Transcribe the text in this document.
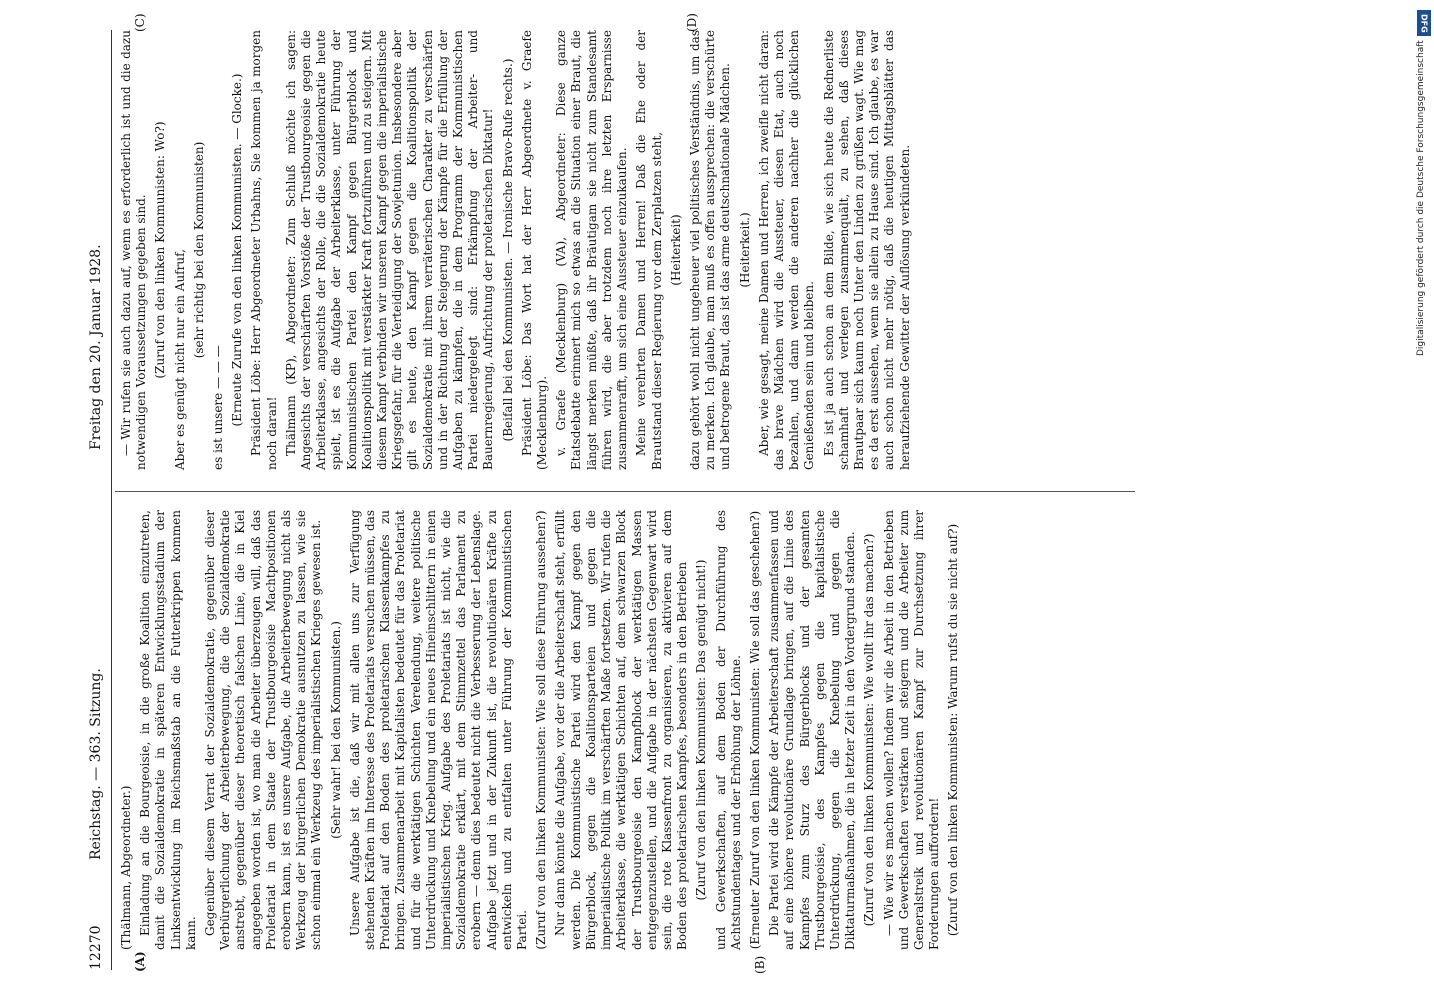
12270
Reichstag. — 363. Sitzung.
Freitag den 20. Januar 1928.
(A)	(B)
(C)	(D)

(Thälmann, Abgeordneter.) Einladung an die Bourgeoisie, in die große Koalition einzutreten, damit die Sozialdemokratie in späteren Entwicklungsstadium der Linksentwicklung im Reichsmaßstab an die Futterkrippen kommen kann. Gegenüber diesem Verrat der Sozialdemokratie, gegenüber dieser Verbürgerlichung der Arbeiterbewegung, die die Sozialdemokratie anstrebt, gegenüber dieser theoretisch falschen Linie, die in Kiel angegeben worden ist, wo man die Arbeiter überzeugen will, daß das Proletariat in dem Staate der Trustbourgeoisie Machtpositionen erobern kann, ist es unsere Aufgabe, die Arbeiterbewegung nicht als Werkzeug der bürgerlichen Demokratie ausnutzen zu lassen, wie sie schon einmal ein Werkzeug des imperialistischen Krieges gewesen ist. (Sehr wahr! bei den Kommunisten.) Unsere Aufgabe ist die, daß wir mit allen uns zur Verfügung stehenden Kräften im Interesse des Proletariats versuchen müssen, das Proletariat auf den Boden des proletarischen Klassenkampfes zu bringen. Zusammenarbeit mit Kapitalisten bedeutet für das Proletariat und für die werktätigen Schichten Verelendung, weitere politische Unterdrückung und Knebelung und ein neues Hineinschlittern in einen imperialistischen Krieg. Aufgabe des Proletariats ist nicht, wie die Sozialdemokratie erklärt, mit dem Stimmzettel das Parlament zu erobern — denn dies bedeutet nicht die Verbesserung der Lebenslage. Aufgabe jetzt und in der Zukunft ist, die revolutionären Kräfte zu entwickeln und zu entfalten unter Führung der Kommunistischen Partei. (Zuruf von den linken Kommunisten: Wie soll diese Führung aussehen?) Nur dann könnte die Aufgabe, vor der die Arbeiterschaft steht, erfüllt werden. Die Kommunistische Partei wird den Kampf gegen den Bürgerblock, gegen die Koalitionsparteien und gegen die imperialistische Politik im verschärften Maße fortsetzen. Wir rufen die Arbeiterklasse, die werktätigen Schichten auf, dem schwarzen Block der Trustbourgeoisie den Kampfblock der werktätigen Massen entgegenzustellen, und die Aufgabe in der nächsten Gegenwart wird sein, die rote Klassenfront zu organisieren, zu aktivieren auf dem Boden des proletarischen Kampfes, besonders in den Betrieben (Zuruf von den linken Kommunisten: Das genügt nicht!) und Gewerkschaften, auf dem Boden der Durchführung des Achtstundentages und der Erhöhung der Löhne. (Erneuter Zuruf von den linken Kommunisten: Wie soll das geschehen?) Die Partei wird die Kämpfe der Arbeiterschaft zusammenfassen und auf eine höhere revolutionäre Grundlage bringen, auf die Linie des Kampfes zum Sturz des Bürgerblocks und der gesamten Trustbourgeoisie, des Kampfes gegen die kapitalistische Unterdrückung, gegen die Knebelung und gegen die Diktaturmaßnahmen, die in letzter Zeit in den Vordergrund standen. (Zuruf von den linken Kommunisten: Wie wollt ihr das machen?) — Wie wir es machen wollen? Indem wir die Arbeit in den Betrieben und Gewerkschaften verstärken und steigern und die Arbeiter zum Generalstreik und revolutionären Kampf zur Durchsetzung ihrer Forderungen auffordern! (Zuruf von den linken Kommunisten: Warum rufst du sie nicht auf?)

— Wir rufen sie auch dazu auf, wenn es erforderlich ist und die dazu notwendigen Voraussetzungen gegeben sind. (Zuruf von den linken Kommunisten: Wo?) Aber es genügt nicht nur ein Aufruf, (sehr richtig bei den Kommunisten)

es ist unsere — — — (Erneute Zurufe von den linken Kommunisten. — Glocke.) Präsident Löbe: Herr Abgeordneter Urbahns, Sie kommen ja morgen noch daran! Thälmann (KP), Abgeordneter: Zum Schluß möchte ich sagen: Angesichts der verschärften Vorstöße der Trustbourgeoisie gegen die Arbeiterklasse, angesichts der Rolle, die die Sozialdemokratie heute spielt, ist es die Aufgabe der Arbeiterklasse, unter Führung der Kommunistischen Partei den Kampf gegen Bürgerblock und Koalitionspolitik mit verstärkter Kraft fortzuführen und zu steigern. Mit diesem Kampf verbinden wir unseren Kampf gegen die imperialistische Kriegsgefahr, für die Verteidigung der Sowjetunion. Insbesondere aber gilt es heute, den Kampf gegen die Koalitionspolitik der Sozialdemokratie mit ihrem verräterischen Charakter zu verschärfen und in der Richtung der Steigerung der Kämpfe für die Erfüllung der Aufgaben zu kämpfen, die in dem Programm der Kommunistischen Partei niedergelegt sind: Erkämpfung der Arbeiter- und Bauernregierung, Aufrichtung der proletarischen Diktatur! (Beifall bei den Kommunisten. — Ironische Bravo-Rufe rechts.) Präsident Löbe: Das Wort hat der Herr Abgeordnete v. Graefe (Mecklenburg). v. Graefe (Mecklenburg) (VA), Abgeordneter: Diese ganze Etatsdebatte erinnert mich so etwas an die Situation einer Braut, die längst merken müßte, daß ihr Bräutigam sie nicht zum Standesamt führen wird, die aber trotzdem noch ihre letzten Ersparnisse zusammenrafft, um sich eine Aussteuer einzukaufen. Meine verehrten Damen und Herren! Daß die Ehe oder der Brautstand dieser Regierung vor dem Zerplatzen steht, (Heiterkeit) dazu gehört wohl nicht ungeheuer viel politisches Verständnis, um das zu merken. Ich glaube, man muß es offen aussprechen: die verschürte und betrogene Braut, das ist das arme deutschnationale Mädchen. (Heiterkeit.) Aber, wie gesagt, meine Damen und Herren, ich zweifle nicht daran: das brave Mädchen wird die Aussteuer, diesen Etat, auch noch bezahlen, und dann werden die anderen nachher die glücklichen Genießenden sein und bleiben. Es ist ja auch schon an dem Bilde, wie sich heute die Rednerliste schamhaft und verlegen zusammenquält, zu sehen, daß dieses Brautpaar sich kaum noch Unter den Linden zu grüßen wagt. Wie mag es da erst aussehen, wenn sie allein zu Hause sind. Ich glaube, es war auch schon nicht mehr nötig, daß die heutigen Mittagsblätter das heraufziehende Gewitter der Auflösung verkündeten.

DFG
Digitalisierung gefördert durch die Deutsche Forschungsgemeinschaft
